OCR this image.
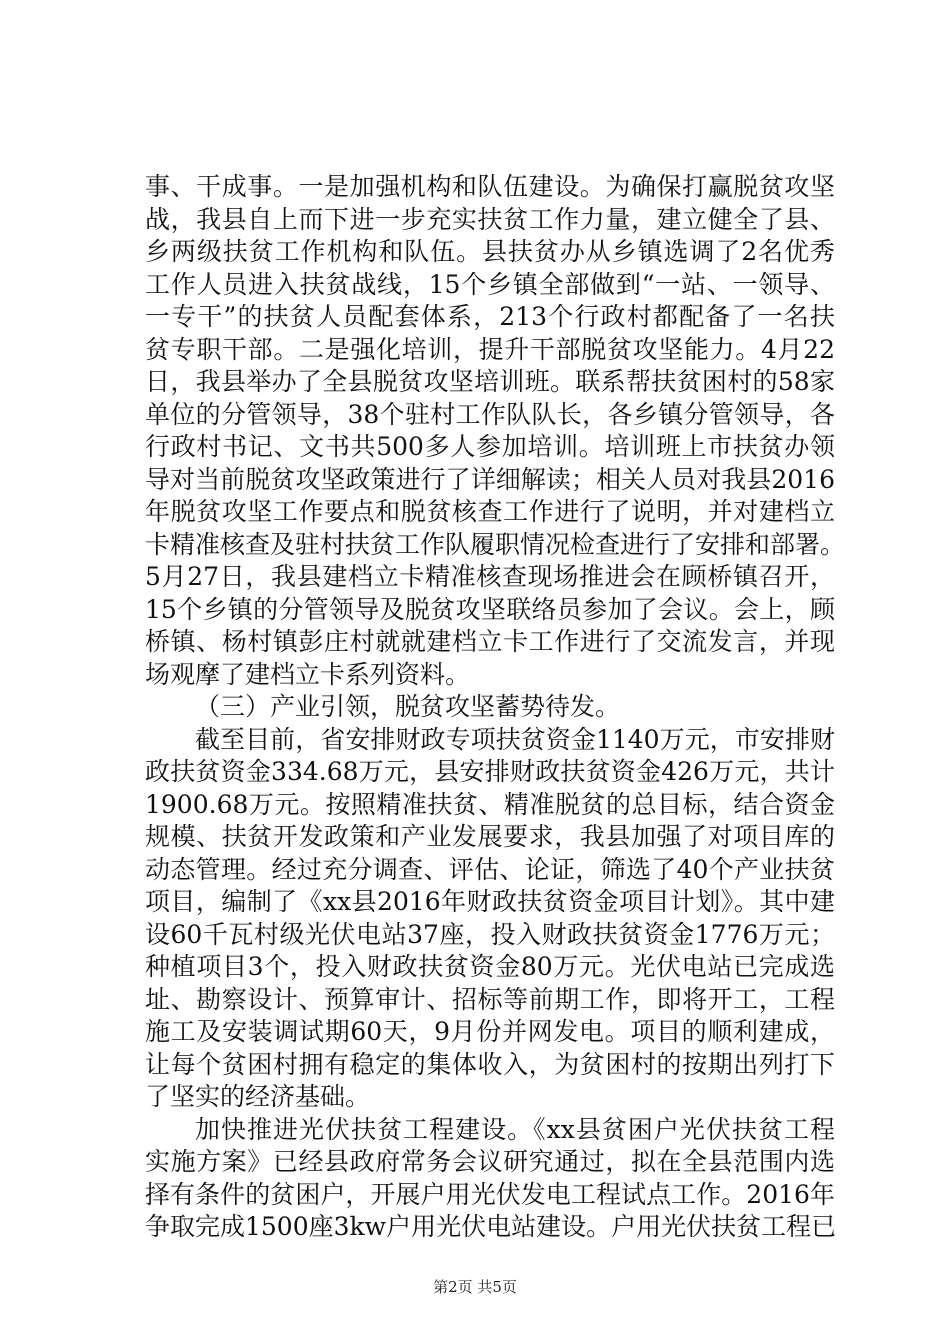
事、干成事。一是加强机构和队伍建设。为确保打赢脱贫攻坚
战，我县自上而下进一步充实扶贫工作力量，建立健全了县、
乡两级扶贫工作机构和队伍。县扶贫办从乡镇选调了2名优秀
工作人员进入扶贫战线，15个乡镇全部做到“一站、一领导、
一专干”的扶贫人员配套体系，213个行政村都配备了一名扶
贫专职干部。二是强化培训，提升干部脱贫攻坚能力。4月22
日，我县举办了全县脱贫攻坚培训班。联系帮扶贫困村的58家
单位的分管领导，38个驻村工作队队长，各乡镇分管领导，各
行政村书记、文书共500多人参加培训。培训班上市扶贫办领
导对当前脱贫攻坚政策进行了详细解读；相关人员对我县2016
年脱贫攻坚工作要点和脱贫核查工作进行了说明，并对建档立
卡精准核查及驻村扶贫工作队履职情况检查进行了安排和部署。
5月27日，我县建档立卡精准核查现场推进会在顾桥镇召开，
15个乡镇的分管领导及脱贫攻坚联络员参加了会议。会上，顾
桥镇、杨村镇彭庄村就就建档立卡工作进行了交流发言，并现
场观摩了建档立卡系列资料。
（三）产业引领，脱贫攻坚蓄势待发。
截至目前，省安排财政专项扶贫资金1140万元，市安排财
政扶贫资金334.68万元，县安排财政扶贫资金426万元，共计
1900.68万元。按照精准扶贫、精准脱贫的总目标，结合资金
规模、扶贫开发政策和产业发展要求，我县加强了对项目库的
动态管理。经过充分调查、评估、论证，筛选了40个产业扶贫
项目，编制了《xx县2016年财政扶贫资金项目计划》。其中建
设60千瓦村级光伏电站37座，投入财政扶贫资金1776万元；
种植项目3个，投入财政扶贫资金80万元。光伏电站已完成选
址、勘察设计、预算审计、招标等前期工作，即将开工，工程
施工及安装调试期60天，9月份并网发电。项目的顺利建成，
让每个贫困村拥有稳定的集体收入，为贫困村的按期出列打下
了坚实的经济基础。
加快推进光伏扶贫工程建设。《xx县贫困户光伏扶贫工程
实施方案》已经县政府常务会议研究通过，拟在全县范围内选
择有条件的贫困户，开展户用光伏发电工程试点工作。2016年
争取完成1500座3kw户用光伏电站建设。户用光伏扶贫工程已
第2页 共5页
